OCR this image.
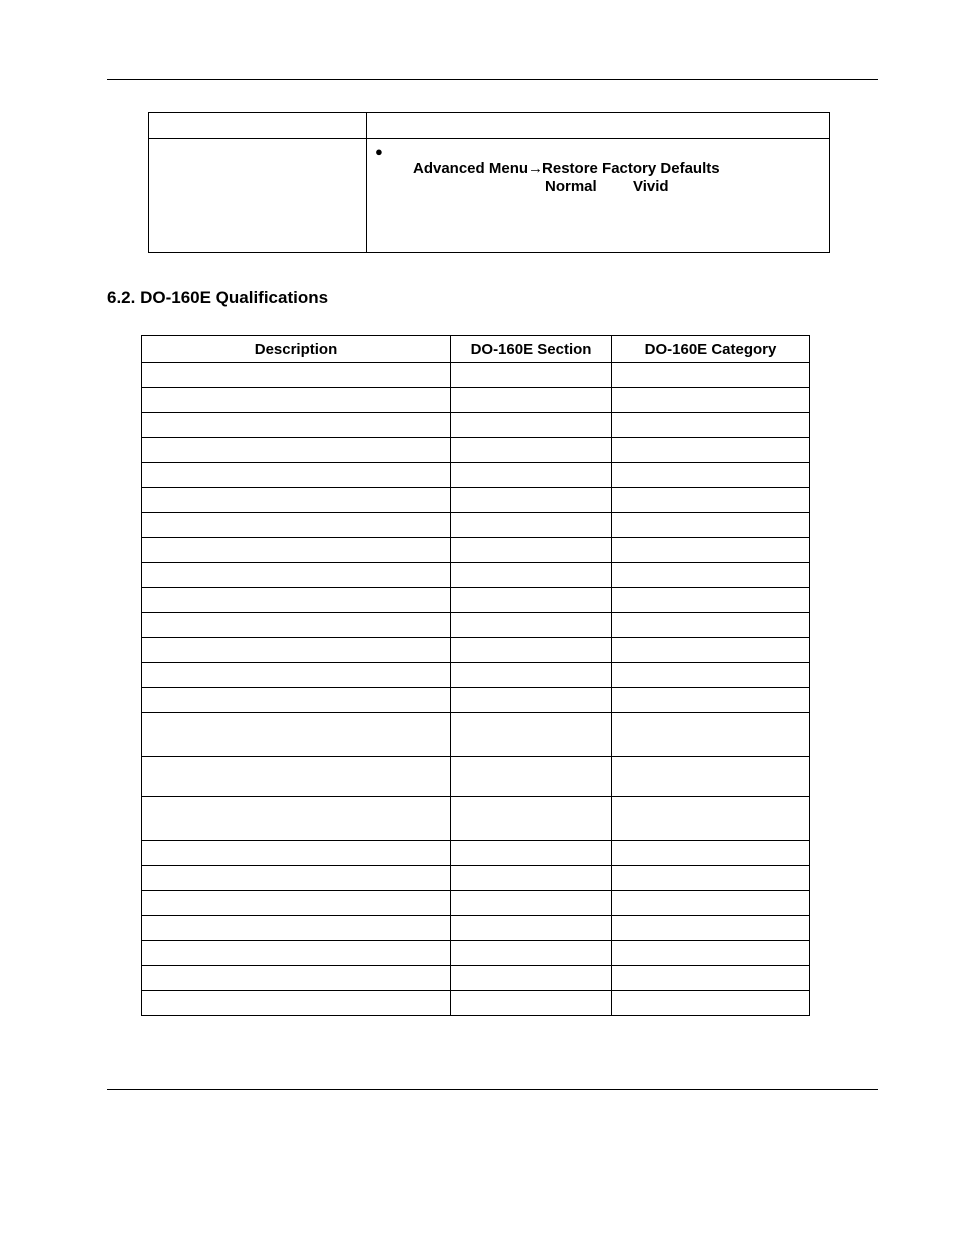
●
Advanced Menu→Restore Factory Defaults
Normal Vivid
6.2. DO-160E Qualifications
Description	DO-160E Section	DO-160E Category
